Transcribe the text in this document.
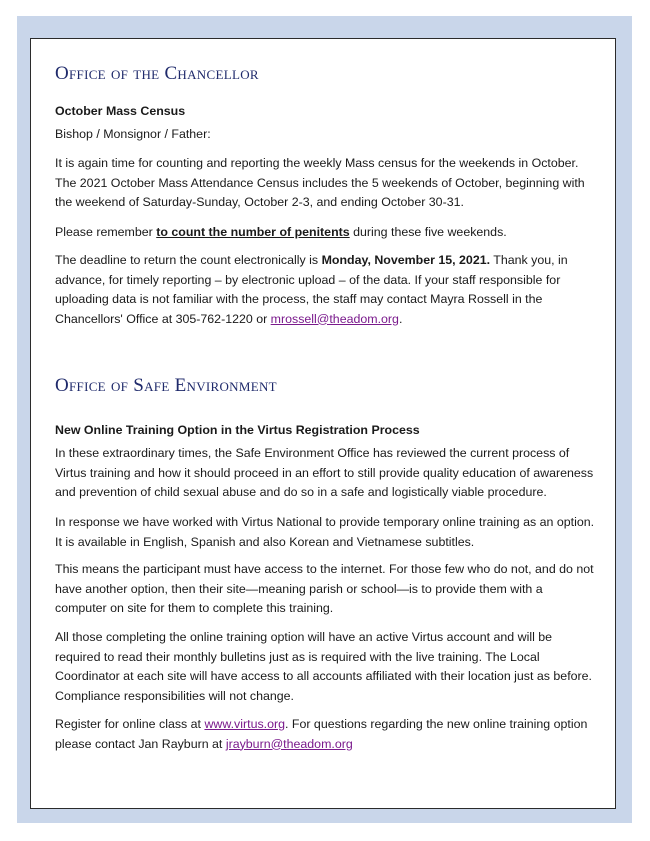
Office of the Chancellor

October Mass Census

Bishop / Monsignor / Father:

It is again time for counting and reporting the weekly Mass census for the weekends in October. The 2021 October Mass Attendance Census includes the 5 weekends of October, beginning with the weekend of Saturday-Sunday, October 2-3, and ending October 30-31.

Please remember to count the number of penitents during these five weekends.

The deadline to return the count electronically is Monday, November 15, 2021. Thank you, in advance, for timely reporting – by electronic upload – of the data. If your staff responsible for uploading data is not familiar with the process, the staff may contact Mayra Rossell in the Chancellors' Office at 305-762-1220 or mrossell@theadom.org.

Office of Safe Environment

New Online Training Option in the Virtus Registration Process

In these extraordinary times, the Safe Environment Office has reviewed the current process of Virtus training and how it should proceed in an effort to still provide quality education of awareness and prevention of child sexual abuse and do so in a safe and logistically viable procedure.

In response we have worked with Virtus National to provide temporary online training as an option. It is available in English, Spanish and also Korean and Vietnamese subtitles.

This means the participant must have access to the internet. For those few who do not, and do not have another option, then their site—meaning parish or school—is to provide them with a computer on site for them to complete this training.

All those completing the online training option will have an active Virtus account and will be required to read their monthly bulletins just as is required with the live training. The Local Coordinator at each site will have access to all accounts affiliated with their location just as before. Compliance responsibilities will not change.

Register for online class at www.virtus.org. For questions regarding the new online training option please contact Jan Rayburn at jrayburn@theadom.org
